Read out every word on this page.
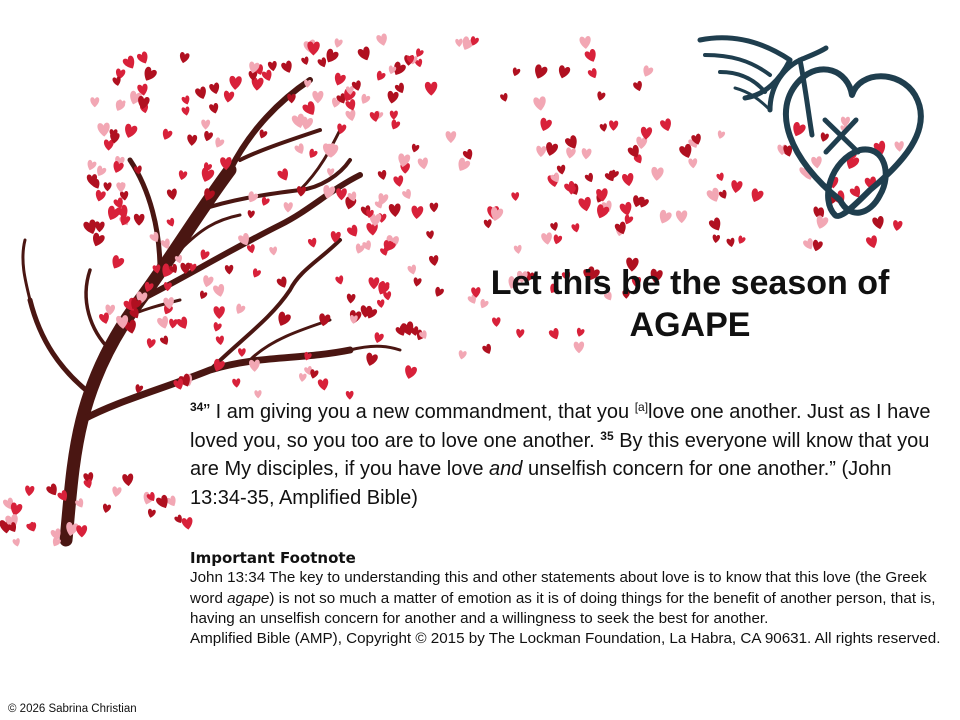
Let this be the season of
AGAPE
$^{34}$” I am giving you a new commandment, that you [a]love one another. Just as I have loved you, so you too are to love one another. $^{35}$ By this everyone will know that you are My disciples, if you have love and unselfish concern for one another.” (John 13:34-35, Amplified Bible)
Important Footnote
John 13:34 The key to understanding this and other statements about love is to know that this love (the Greek word agape) is not so much a matter of emotion as it is of doing things for the benefit of another person, that is, having an unselfish concern for another and a willingness to seek the best for another.
Amplified Bible (AMP), Copyright © 2015 by The Lockman Foundation, La Habra, CA 90631. All rights reserved.
© 2026 Sabrina Christian
